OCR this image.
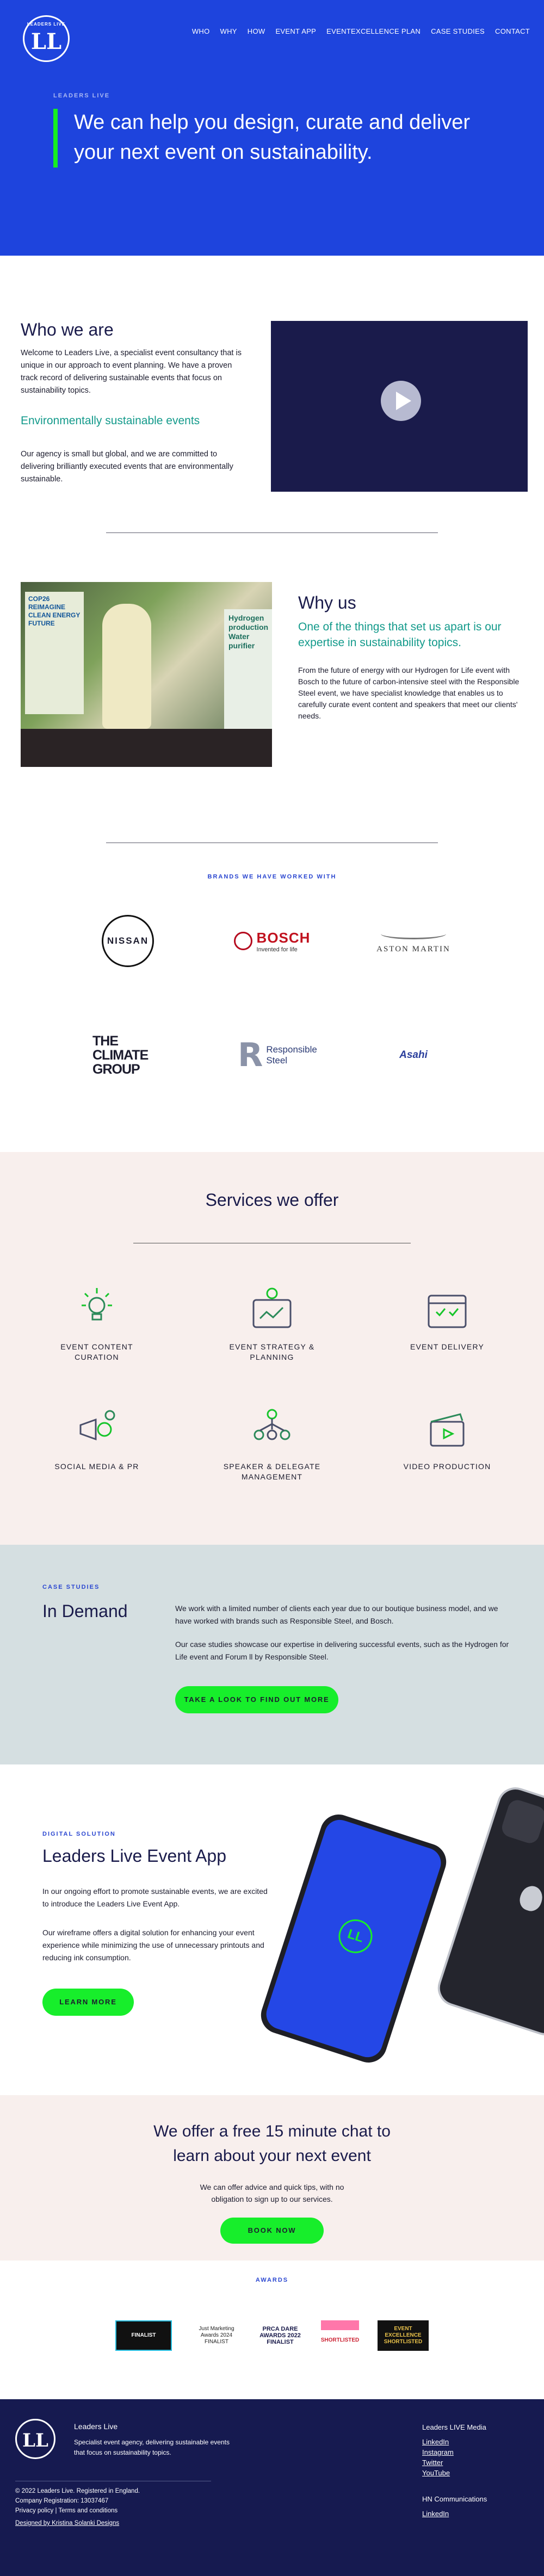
LEADERS LIVE
LL	WHO WHY HOW EVENT APP EVENTEXCELLENCE PLAN CASE STUDIES CONTACT
LEADERS LIVE
We can help you design, curate and deliver your next event on sustainability.
Who we are

Welcome to Leaders Live, a specialist event consultancy that is unique in our approach to event planning. We have a proven track record of delivering sustainable events that focus on sustainability topics.

Environmentally sustainable events

Our agency is small but global, and we are committed to delivering brilliantly executed events that are environmentally sustainable.

COP26 REIMAGINE CLEAN ENERGY FUTURE
Hydrogen production Water purifier
Why us
One of the things that set us apart is our expertise in sustainability topics.

From the future of energy with our Hydrogen for Life event with Bosch to the future of carbon-intensive steel with the Responsible Steel event, we have specialist knowledge that enables us to carefully curate event content and speakers that meet our clients' needs.

BRANDS WE HAVE WORKED WITH
NISSAN	BOSCH
Invented for life	ASTON MARTIN
THE
CLIMATE
GROUP	R Responsible
Steel	Asahi
Services we offer
EVENT CONTENT CURATION
EVENT STRATEGY & PLANNING
EVENT DELIVERY
SOCIAL MEDIA & PR	SPEAKER & DELEGATE MANAGEMENT
VIDEO PRODUCTION
CASE STUDIES
In Demand	We work with a limited number of clients each year due to our boutique business model, and we have worked with brands such as Responsible Steel, and Bosch.

Our case studies showcase our expertise in delivering successful events, such as the Hydrogen for Life event and Forum ll by Responsible Steel.

TAKE A LOOK TO FIND OUT MORE
DIGITAL SOLUTION
Leaders Live Event App

In our ongoing effort to promote sustainable events, we are excited to introduce the Leaders Live Event App.

Our wireframe offers a digital solution for enhancing your event experience while minimizing the use of unnecessary printouts and reducing ink consumption.

LEARN MORE
LL
We offer a free 15 minute chat to learn about your next event

We can offer advice and quick tips, with no obligation to sign up to our services.

BOOK NOW
AWARDS
FINALIST
Just Marketing Awards 2024 FINALIST
PRCA DARE AWARDS 2022 FINALIST	SHORTLISTED
EVENT EXCELLENCE SHORTLISTED
LL
Leaders Live
Specialist event agency, delivering sustainable events that focus on sustainability topics.
© 2022 Leaders Live. Registered in England.
Company Registration: 13037467
Privacy policy | Terms and conditions
Designed by Kristina Solanki Designs
Leaders LIVE Media
LinkedIn
Instagram
Twitter
YouTube
HN Communications
LinkedIn
